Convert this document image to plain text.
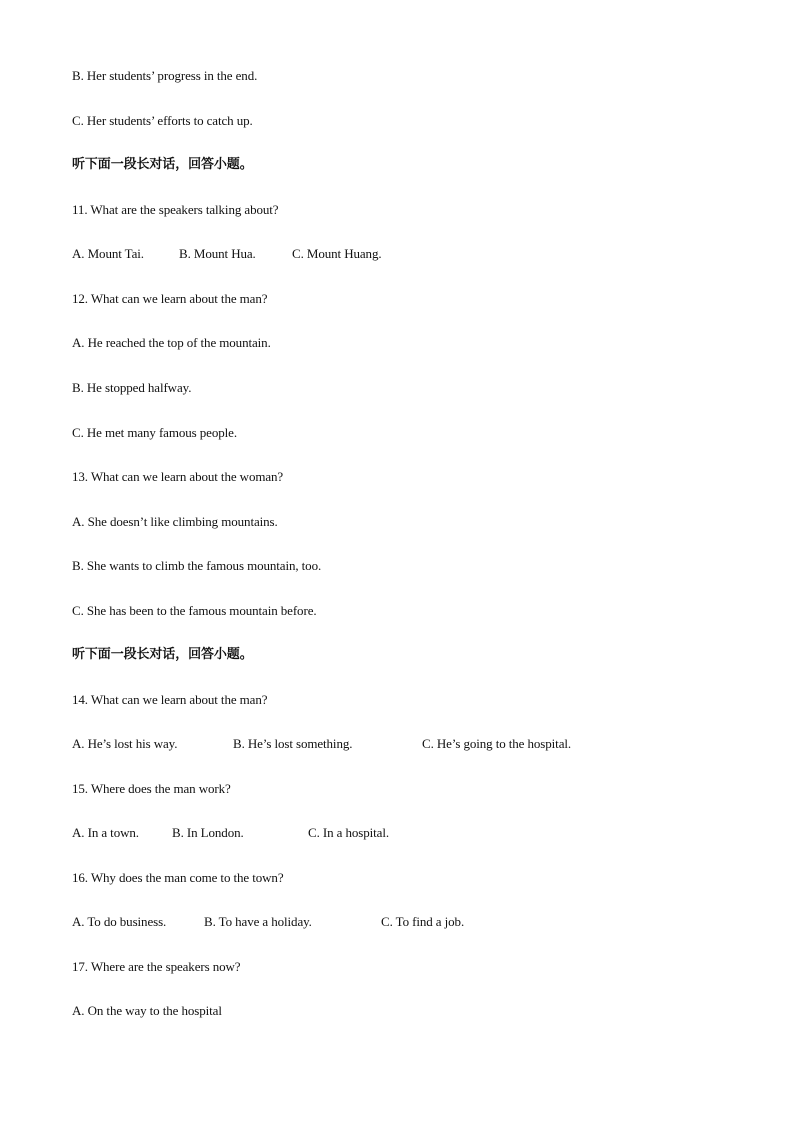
B. Her students’ progress in the end.
C. Her students’ efforts to catch up.
听下面一段长对话，回答小题。
11. What are the speakers talking about?
A. Mount Tai.	B. Mount Hua.	C. Mount Huang.
12. What can we learn about the man?
A. He reached the top of the mountain.
B. He stopped halfway.
C. He met many famous people.
13. What can we learn about the woman?
A. She doesn’t like climbing mountains.
B. She wants to climb the famous mountain, too.
C. She has been to the famous mountain before.
听下面一段长对话，回答小题。
14. What can we learn about the man?
A. He’s lost his way.	B. He’s lost something.	C. He’s going to the hospital.
15. Where does the man work?
A. In a town.	B. In London.	C. In a hospital.
16. Why does the man come to the town?
A. To do business.	B. To have a holiday.	C. To find a job.
17. Where are the speakers now?
A. On the way to the hospital
